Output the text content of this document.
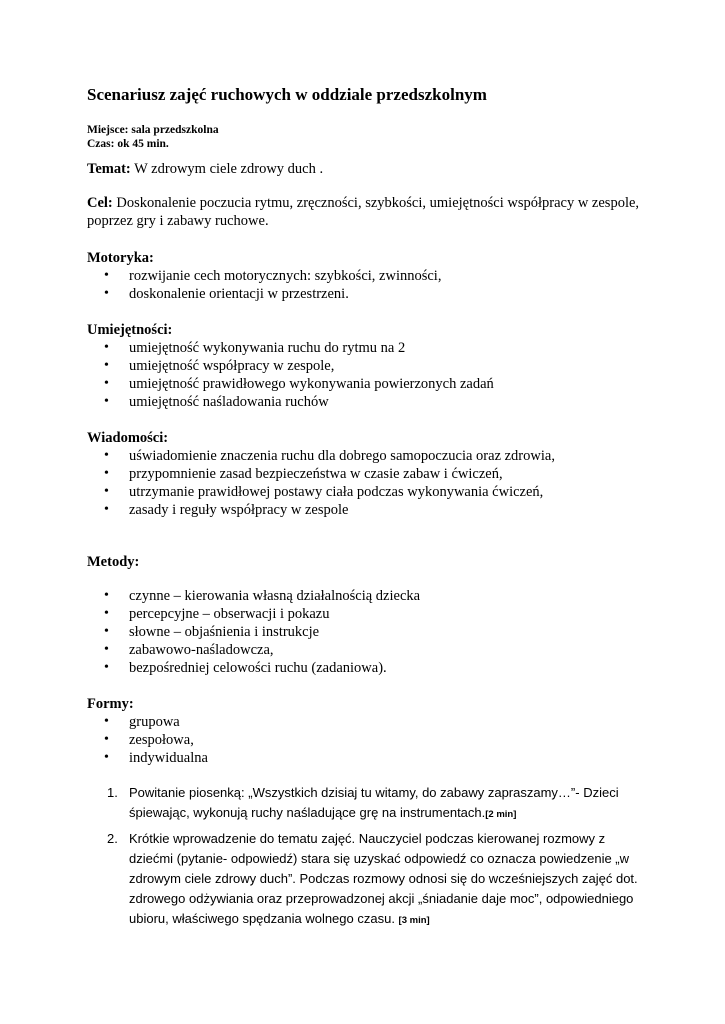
Scenariusz zajęć ruchowych w oddziale przedszkolnym
Miejsce: sala przedszkolna
Czas: ok 45 min.
Temat: W zdrowym ciele zdrowy duch .
Cel: Doskonalenie poczucia rytmu, zręczności, szybkości, umiejętności współpracy w zespole, poprzez gry i zabawy ruchowe.
Motoryka:
• rozwijanie cech motorycznych: szybkości, zwinności,
• doskonalenie orientacji w przestrzeni.
Umiejętności:
• umiejętność wykonywania ruchu do rytmu na 2
• umiejętność współpracy w zespole,
• umiejętność prawidłowego wykonywania powierzonych zadań
• umiejętność naśladowania ruchów
Wiadomości:
• uświadomienie znaczenia ruchu dla dobrego samopoczucia oraz zdrowia,
• przypomnienie zasad bezpieczeństwa w czasie zabaw i ćwiczeń,
• utrzymanie prawidłowej postawy ciała podczas wykonywania ćwiczeń,
• zasady i reguły współpracy w zespole
Metody:
• czynne – kierowania własną działalnością dziecka
• percepcyjne – obserwacji i pokazu
• słowne – objaśnienia i instrukcje
• zabawowo-naśladowcza,
• bezpośredniej celowości ruchu (zadaniowa).
Formy:
• grupowa
• zespołowa,
• indywidualna
1. Powitanie piosenką: „Wszystkich dzisiaj tu witamy, do zabawy zapraszamy…”- Dzieci śpiewając, wykonują ruchy naśladujące grę na instrumentach.[2 min]
2. Krótkie wprowadzenie do tematu zajęć. Nauczyciel podczas kierowanej rozmowy z dziećmi (pytanie- odpowiedź) stara się uzyskać odpowiedź co oznacza powiedzenie „w zdrowym ciele zdrowy duch”. Podczas rozmowy odnosi się do wcześniejszych zajęć dot. zdrowego odżywiania oraz przeprowadzonej akcji „śniadanie daje moc”, odpowiedniego ubioru, właściwego spędzania wolnego czasu. [3 min]
